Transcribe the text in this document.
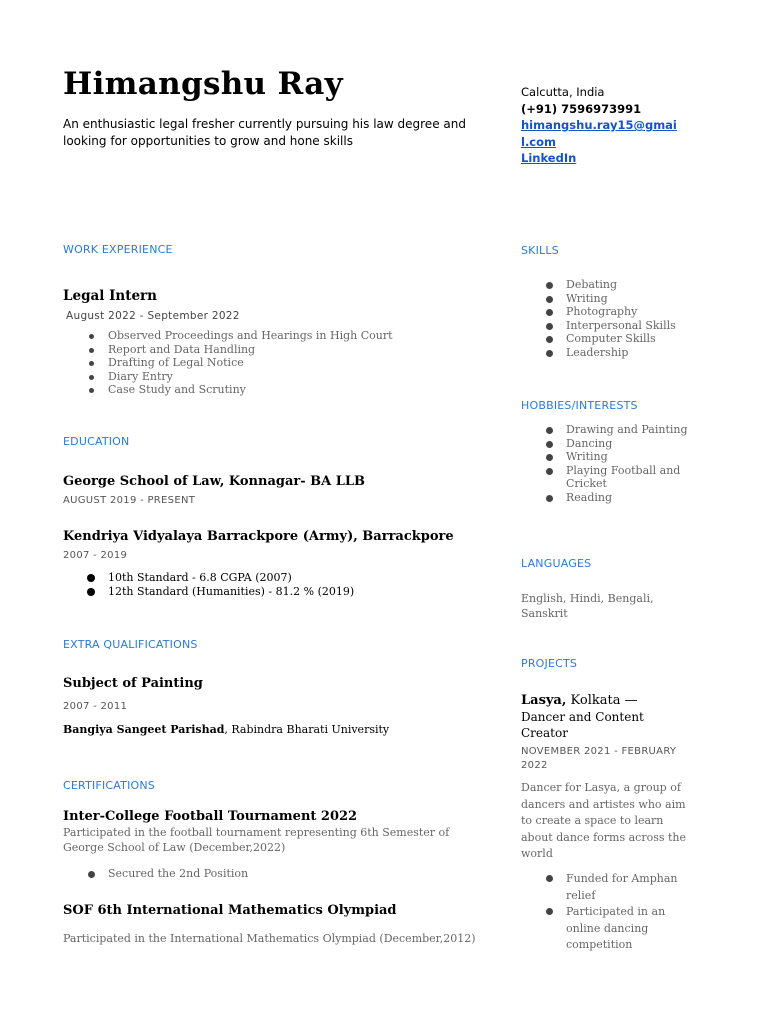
Himangshu Ray
An enthusiastic legal fresher currently pursuing his law degree and looking for opportunities to grow and hone skills
Calcutta, India
(+91) 7596973991
himangshu.ray15@gmail.com
LinkedIn
WORK EXPERIENCE
Legal Intern
August 2022 - September 2022
Observed Proceedings and Hearings in High Court
Report and Data Handling
Drafting of Legal Notice
Diary Entry
Case Study and Scrutiny
EDUCATION
George School of Law, Konnagar- BA LLB
AUGUST 2019 - PRESENT
Kendriya Vidyalaya Barrackpore (Army), Barrackpore
2007 - 2019
10th Standard - 6.8 CGPA (2007)
12th Standard (Humanities) - 81.2 % (2019)
EXTRA QUALIFICATIONS
Subject of Painting
2007 - 2011
Bangiya Sangeet Parishad, Rabindra Bharati University
CERTIFICATIONS
Inter-College Football Tournament 2022
Participated in the football tournament representing 6th Semester of George School of Law (December,2022)
Secured the 2nd Position
SOF 6th International Mathematics Olympiad
Participated in the International Mathematics Olympiad (December,2012)
SKILLS
Debating
Writing
Photography
Interpersonal Skills
Computer Skills
Leadership
HOBBIES/INTERESTS
Drawing and Painting
Dancing
Writing
Playing Football and Cricket
Reading
LANGUAGES
English, Hindi, Bengali, Sanskrit
PROJECTS
Lasya, Kolkata —
Dancer and Content Creator
NOVEMBER 2021 - FEBRUARY 2022
Dancer for Lasya, a group of dancers and artistes who aim to create a space to learn about dance forms across the world
Funded for Amphan relief
Participated in an online dancing competition
